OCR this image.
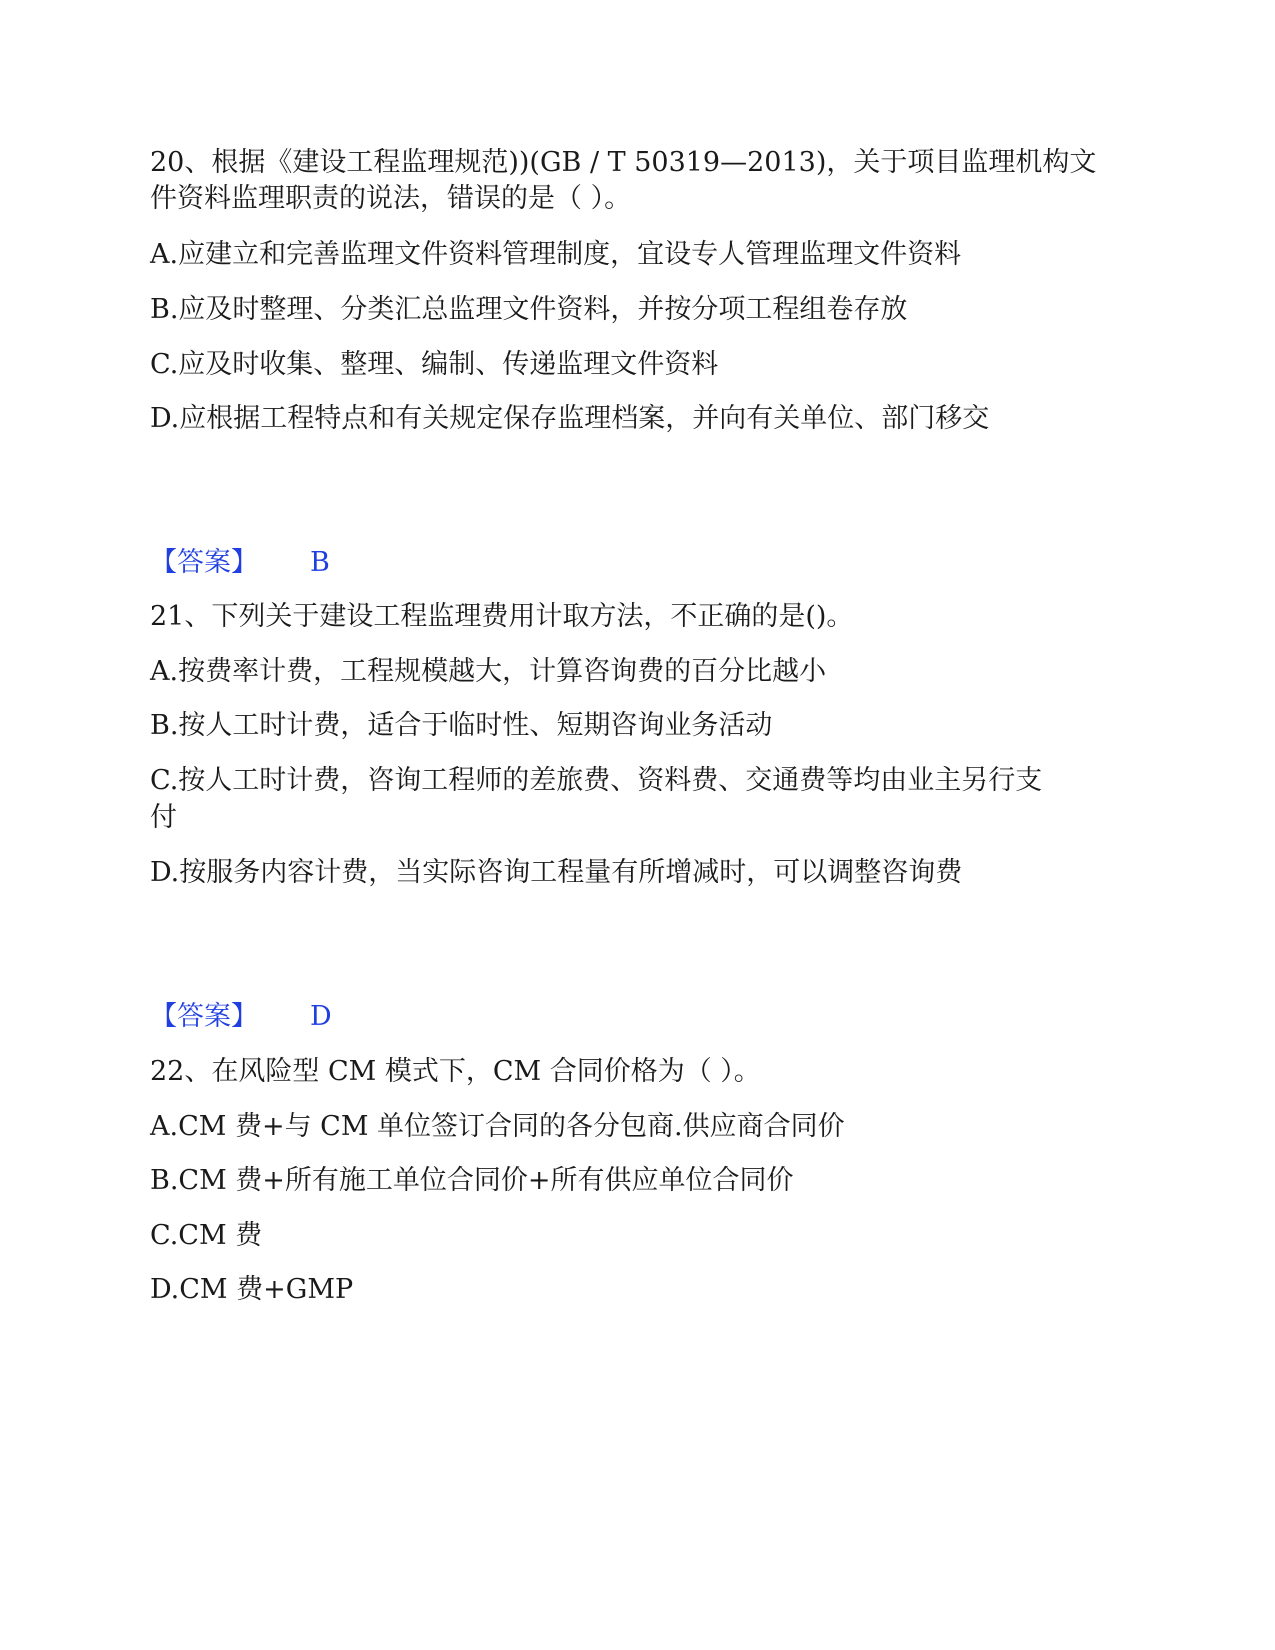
20、根据《建设工程监理规范))(GB / T 50319—2013)，关于项目监理机构文
件资料监理职责的说法，错误的是（ ）。
A.应建立和完善监理文件资料管理制度，宜设专人管理监理文件资料
B.应及时整理、分类汇总监理文件资料，并按分项工程组卷存放
C.应及时收集、整理、编制、传递监理文件资料
D.应根据工程特点和有关规定保存监理档案，并向有关单位、部门移交
【答案】 B
21、下列关于建设工程监理费用计取方法，不正确的是()。
A.按费率计费，工程规模越大，计算咨询费的百分比越小
B.按人工时计费，适合于临时性、短期咨询业务活动
C.按人工时计费，咨询工程师的差旅费、资料费、交通费等均由业主另行支
付
D.按服务内容计费，当实际咨询工程量有所增减时，可以调整咨询费
【答案】 D
22、在风险型 CM 模式下，CM 合同价格为（ ）。
A.CM 费+与 CM 单位签订合同的各分包商.供应商合同价
B.CM 费+所有施工单位合同价+所有供应单位合同价
C.CM 费
D.CM 费+GMP
